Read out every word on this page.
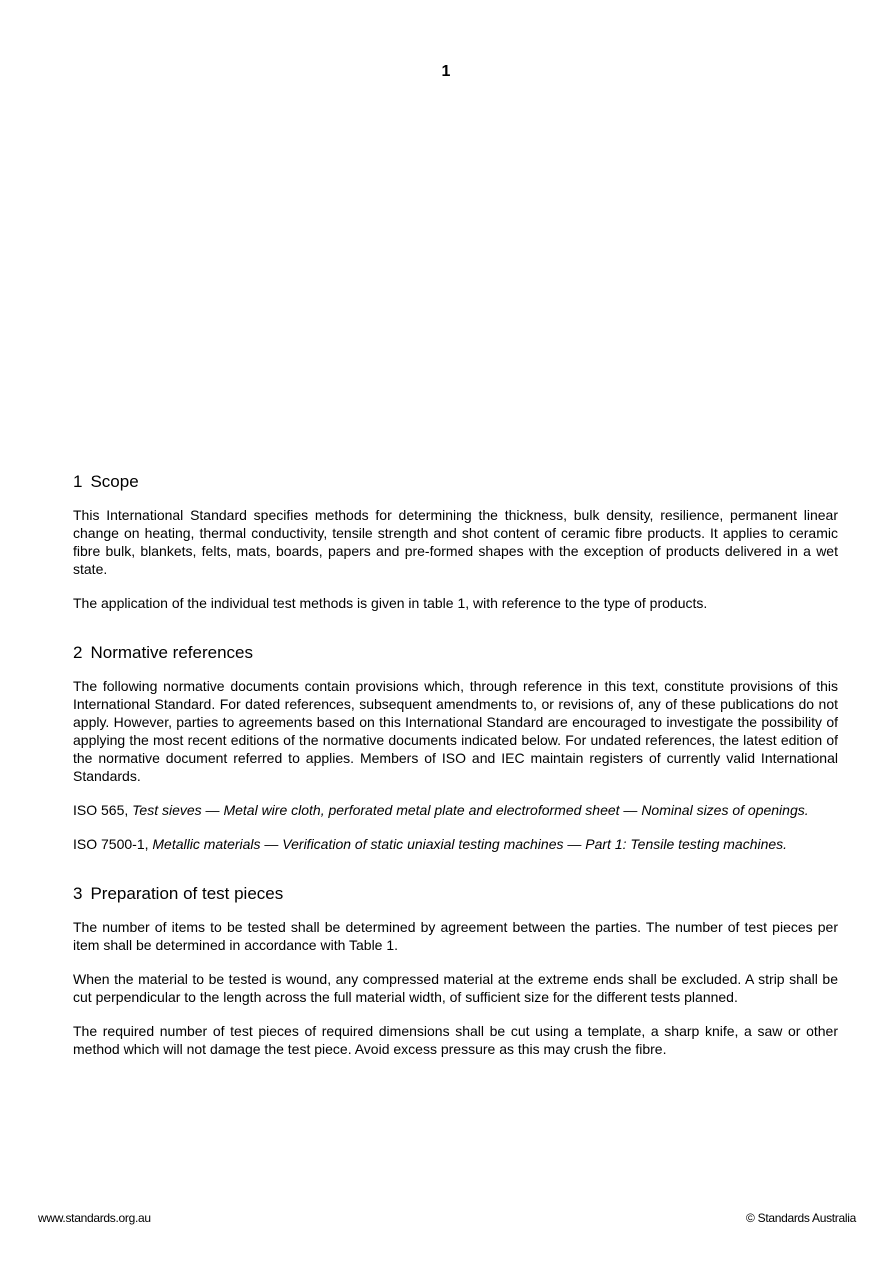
1
1 Scope

This International Standard specifies methods for determining the thickness, bulk density, resilience, permanent linear change on heating, thermal conductivity, tensile strength and shot content of ceramic fibre products. It applies to ceramic fibre bulk, blankets, felts, mats, boards, papers and pre-formed shapes with the exception of products delivered in a wet state.

The application of the individual test methods is given in table 1, with reference to the type of products.

2 Normative references

The following normative documents contain provisions which, through reference in this text, constitute provisions of this International Standard. For dated references, subsequent amendments to, or revisions of, any of these publications do not apply. However, parties to agreements based on this International Standard are encouraged to investigate the possibility of applying the most recent editions of the normative documents indicated below. For undated references, the latest edition of the normative document referred to applies. Members of ISO and IEC maintain registers of currently valid International Standards.

ISO 565, Test sieves — Metal wire cloth, perforated metal plate and electroformed sheet — Nominal sizes of openings.

ISO 7500-1, Metallic materials — Verification of static uniaxial testing machines — Part 1: Tensile testing machines.

3 Preparation of test pieces

The number of items to be tested shall be determined by agreement between the parties. The number of test pieces per item shall be determined in accordance with Table 1.

When the material to be tested is wound, any compressed material at the extreme ends shall be excluded. A strip shall be cut perpendicular to the length across the full material width, of sufficient size for the different tests planned.

The required number of test pieces of required dimensions shall be cut using a template, a sharp knife, a saw or other method which will not damage the test piece. Avoid excess pressure as this may crush the fibre.

www.standards.org.au	© Standards Australia
